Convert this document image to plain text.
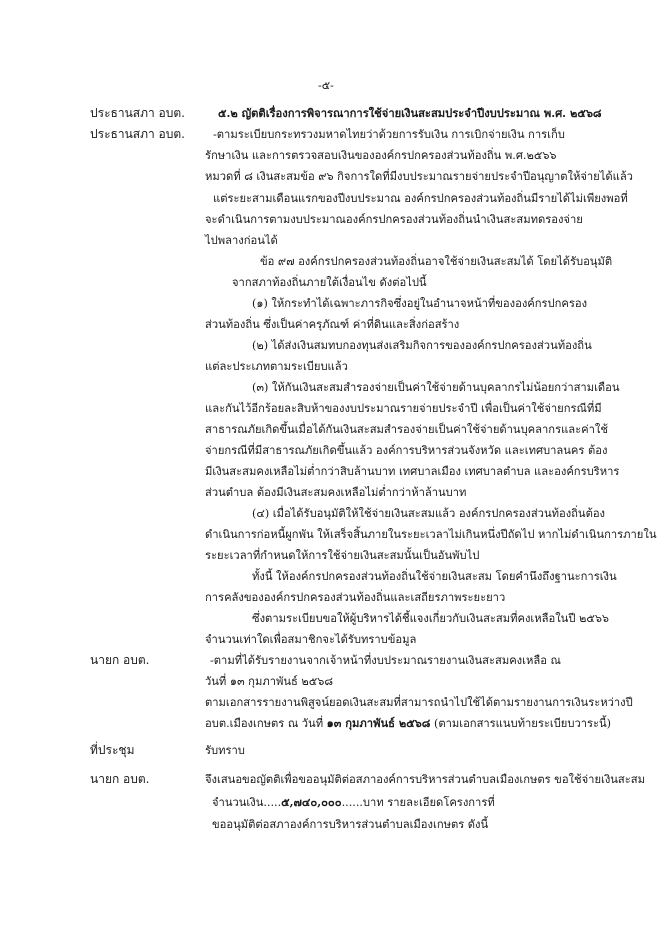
-๕-
ประธานสภา อบต.	๕.๒ ญัตติเรื่องการพิจารณาการใช้จ่ายเงินสะสมประจำปีงบประมาณ พ.ศ. ๒๕๖๘
ประธานสภา อบต.	-ตามระเบียบกระทรวงมหาดไทยว่าด้วยการรับเงิน การเบิกจ่ายเงิน การเก็บ
รักษาเงิน และการตรวจสอบเงินขององค์กรปกครองส่วนท้องถิ่น พ.ศ.๒๕๖๖
หมวดที่ ๘ เงินสะสมข้อ ๙๖ กิจการใดที่มีงบประมาณรายจ่ายประจำปีอนุญาตให้จ่ายได้แล้ว
แต่ระยะสามเดือนแรกของปีงบประมาณ องค์กรปกครองส่วนท้องถิ่นมีรายได้ไม่เพียงพอที่
จะดำเนินการตามงบประมาณองค์กรปกครองส่วนท้องถิ่นนำเงินสะสมทดรองจ่าย
ไปพลางก่อนได้
ข้อ ๙๗ องค์กรปกครองส่วนท้องถิ่นอาจใช้จ่ายเงินสะสมได้ โดยได้รับอนุมัติ
จากสภาท้องถิ่นภายใต้เงื่อนไข ดังต่อไปนี้
(๑) ให้กระทำได้เฉพาะภารกิจซึ่งอยู่ในอำนาจหน้าที่ขององค์กรปกครอง
ส่วนท้องถิ่น ซึ่งเป็นค่าครุภัณฑ์ ค่าที่ดินและสิ่งก่อสร้าง
(๒) ได้ส่งเงินสมทบกองทุนส่งเสริมกิจการขององค์กรปกครองส่วนท้องถิ่น
แต่ละประเภทตามระเบียบแล้ว
(๓) ให้กันเงินสะสมสำรองจ่ายเป็นค่าใช้จ่ายด้านบุคลากรไม่น้อยกว่าสามเดือน
และกันไว้อีกร้อยละสิบห้าของงบประมาณรายจ่ายประจำปี เพื่อเป็นค่าใช้จ่ายกรณีที่มี
สาธารณภัยเกิดขึ้นเมื่อได้กันเงินสะสมสำรองจ่ายเป็นค่าใช้จ่ายด้านบุคลากรและค่าใช้
จ่ายกรณีที่มีสาธารณภัยเกิดขึ้นแล้ว องค์การบริหารส่วนจังหวัด และเทศบาลนคร ต้อง
มีเงินสะสมคงเหลือไม่ต่ำกว่าสิบล้านบาท เทศบาลเมือง เทศบาลตำบล และองค์กรบริหาร
ส่วนตำบล ต้องมีเงินสะสมคงเหลือไม่ต่ำกว่าห้าล้านบาท
(๔) เมื่อได้รับอนุมัติให้ใช้จ่ายเงินสะสมแล้ว องค์กรปกครองส่วนท้องถิ่นต้อง
ดำเนินการก่อหนี้ผูกพัน ให้เสร็จสิ้นภายในระยะเวลาไม่เกินหนึ่งปีถัดไป หากไม่ดำเนินการภายใน
ระยะเวลาที่กำหนดให้การใช้จ่ายเงินสะสมนั้นเป็นอันพับไป
ทั้งนี้ ให้องค์กรปกครองส่วนท้องถิ่นใช้จ่ายเงินสะสม โดยคำนึงถึงฐานะการเงิน
การคลังขององค์กรปกครองส่วนท้องถิ่นและเสถียรภาพระยะยาว
ซึ่งตามระเบียบขอให้ผู้บริหารได้ชี้แจงเกี่ยวกับเงินสะสมที่คงเหลือในปี ๒๕๖๖
จำนวนเท่าใดเพื่อสมาชิกจะได้รับทราบข้อมูล
นายก อบต.	-ตามที่ได้รับรายงานจากเจ้าหน้าที่งบประมาณรายงานเงินสะสมคงเหลือ ณ
วันที่ ๑๓ กุมภาพันธ์ ๒๕๖๘
ตามเอกสารรายงานพิสูจน์ยอดเงินสะสมที่สามารถนำไปใช้ได้ตามรายงานการเงินระหว่างปี
อบต.เมืองเกษตร ณ วันที่ ๑๓ กุมภาพันธ์ ๒๕๖๘ (ตามเอกสารแนบท้ายระเบียบวาระนี้)
ที่ประชุม	รับทราบ
นายก อบต.	จึงเสนอขอญัตติเพื่อขออนุมัติต่อสภาองค์การบริหารส่วนตำบลเมืองเกษตร ขอใช้จ่ายเงินสะสม
จำนวนเงิน.....๕,๗๔๐,๐๐๐......บาท รายละเอียดโครงการที่
ขออนุมัติต่อสภาองค์การบริหารส่วนตำบลเมืองเกษตร ดังนี้
